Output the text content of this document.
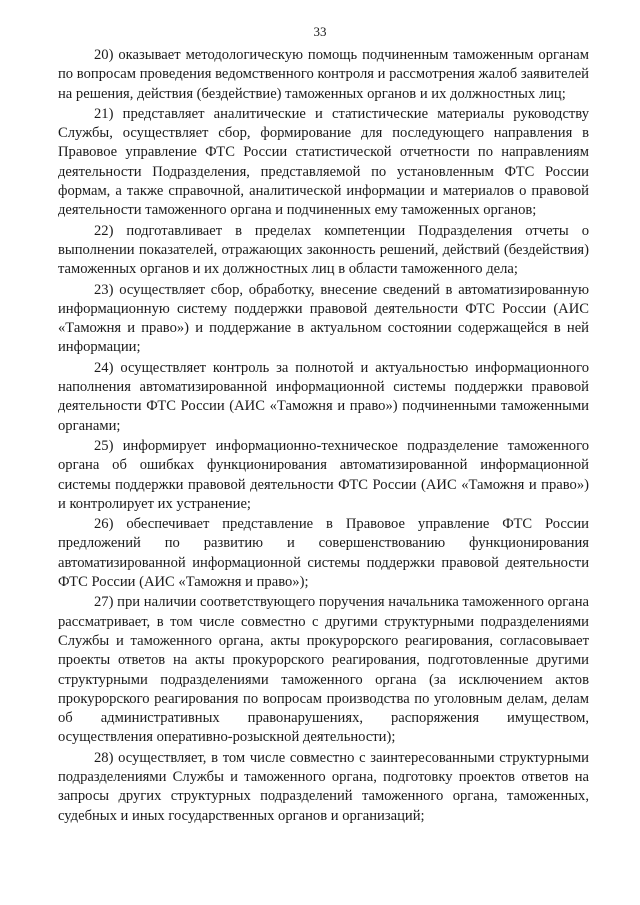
33

20) оказывает методологическую помощь подчиненным таможенным органам по вопросам проведения ведомственного контроля и рассмотрения жалоб заявителей на решения, действия (бездействие) таможенных органов и их должностных лиц;

21) представляет аналитические и статистические материалы руководству Службы, осуществляет сбор, формирование для последующего направления в Правовое управление ФТС России статистической отчетности по направлениям деятельности Подразделения, представляемой по установленным ФТС России формам, а также справочной, аналитической информации и материалов о правовой деятельности таможенного органа и подчиненных ему таможенных органов;

22) подготавливает в пределах компетенции Подразделения отчеты о выполнении показателей, отражающих законность решений, действий (бездействия) таможенных органов и их должностных лиц в области таможенного дела;

23) осуществляет сбор, обработку, внесение сведений в автоматизированную информационную систему поддержки правовой деятельности ФТС России (АИС «Таможня и право») и поддержание в актуальном состоянии содержащейся в ней информации;

24) осуществляет контроль за полнотой и актуальностью информационного наполнения автоматизированной информационной системы поддержки правовой деятельности ФТС России (АИС «Таможня и право») подчиненными таможенными органами;

25) информирует информационно-техническое подразделение таможенного органа об ошибках функционирования автоматизированной информационной системы поддержки правовой деятельности ФТС России (АИС «Таможня и право») и контролирует их устранение;

26) обеспечивает представление в Правовое управление ФТС России предложений по развитию и совершенствованию функционирования автоматизированной информационной системы поддержки правовой деятельности ФТС России (АИС «Таможня и право»);

27) при наличии соответствующего поручения начальника таможенного органа рассматривает, в том числе совместно с другими структурными подразделениями Службы и таможенного органа, акты прокурорского реагирования, согласовывает проекты ответов на акты прокурорского реагирования, подготовленные другими структурными подразделениями таможенного органа (за исключением актов прокурорского реагирования по вопросам производства по уголовным делам, делам об административных правонарушениях, распоряжения имуществом, осуществления оперативно-розыскной деятельности);

28) осуществляет, в том числе совместно с заинтересованными структурными подразделениями Службы и таможенного органа, подготовку проектов ответов на запросы других структурных подразделений таможенного органа, таможенных, судебных и иных государственных органов и организаций;
